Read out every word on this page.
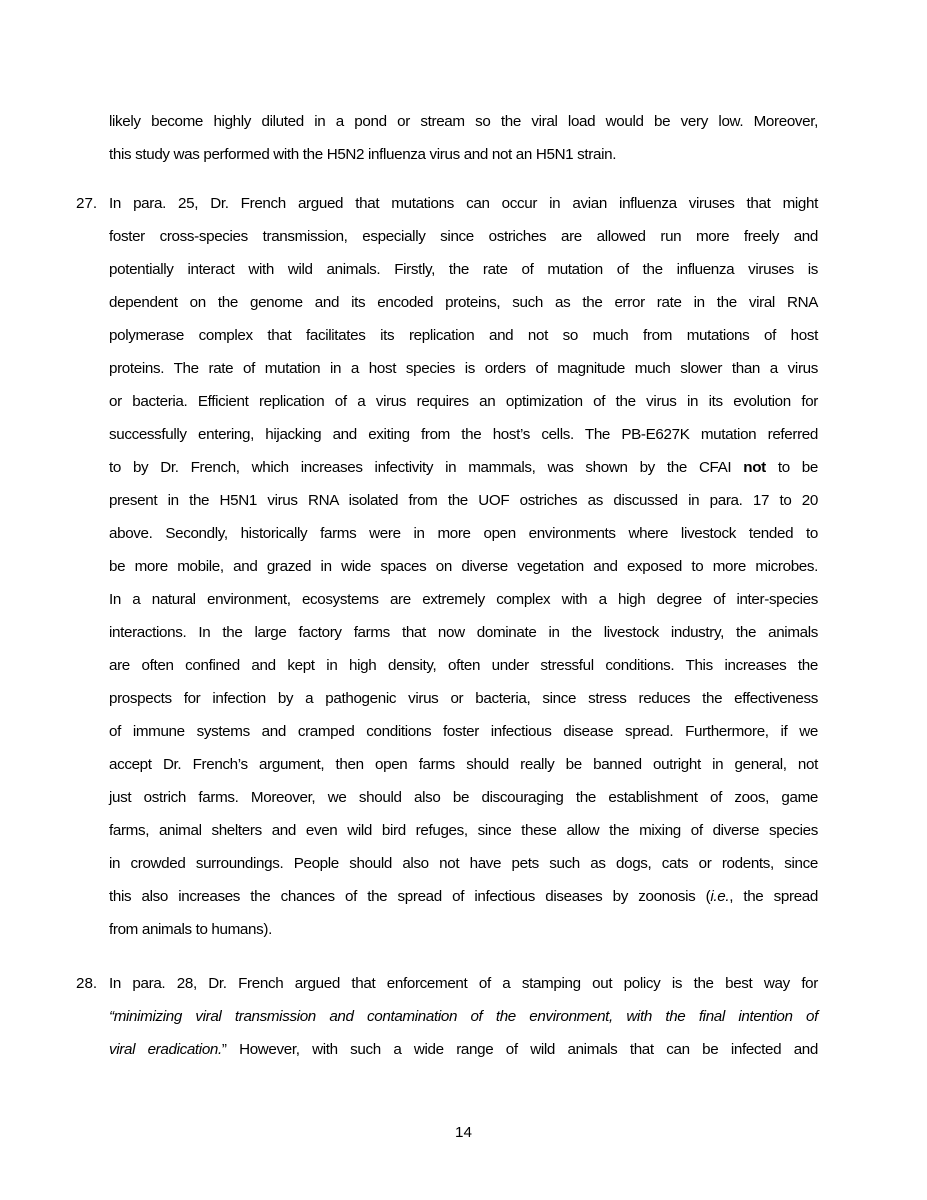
likely become highly diluted in a pond or stream so the viral load would be very low. Moreover,
this study was performed with the H5N2 influenza virus and not an H5N1 strain.
27. In para. 25, Dr. French argued that mutations can occur in avian influenza viruses that might
foster cross-species transmission, especially since ostriches are allowed run more freely and
potentially interact with wild animals. Firstly, the rate of mutation of the influenza viruses is
dependent on the genome and its encoded proteins, such as the error rate in the viral RNA
polymerase complex that facilitates its replication and not so much from mutations of host
proteins. The rate of mutation in a host species is orders of magnitude much slower than a virus
or bacteria. Efficient replication of a virus requires an optimization of the virus in its evolution for
successfully entering, hijacking and exiting from the host’s cells. The PB-E627K mutation referred
to by Dr. French, which increases infectivity in mammals, was shown by the CFAI not to be
present in the H5N1 virus RNA isolated from the UOF ostriches as discussed in para. 17 to 20
above. Secondly, historically farms were in more open environments where livestock tended to
be more mobile, and grazed in wide spaces on diverse vegetation and exposed to more microbes.
In a natural environment, ecosystems are extremely complex with a high degree of inter-species
interactions. In the large factory farms that now dominate in the livestock industry, the animals
are often confined and kept in high density, often under stressful conditions. This increases the
prospects for infection by a pathogenic virus or bacteria, since stress reduces the effectiveness
of immune systems and cramped conditions foster infectious disease spread. Furthermore, if we
accept Dr. French’s argument, then open farms should really be banned outright in general, not
just ostrich farms. Moreover, we should also be discouraging the establishment of zoos, game
farms, animal shelters and even wild bird refuges, since these allow the mixing of diverse species
in crowded surroundings. People should also not have pets such as dogs, cats or rodents, since
this also increases the chances of the spread of infectious diseases by zoonosis (i.e., the spread
from animals to humans).
28. In para. 28, Dr. French argued that enforcement of a stamping out policy is the best way for
“minimizing viral transmission and contamination of the environment, with the final intention of
viral eradication.” However, with such a wide range of wild animals that can be infected and
14
